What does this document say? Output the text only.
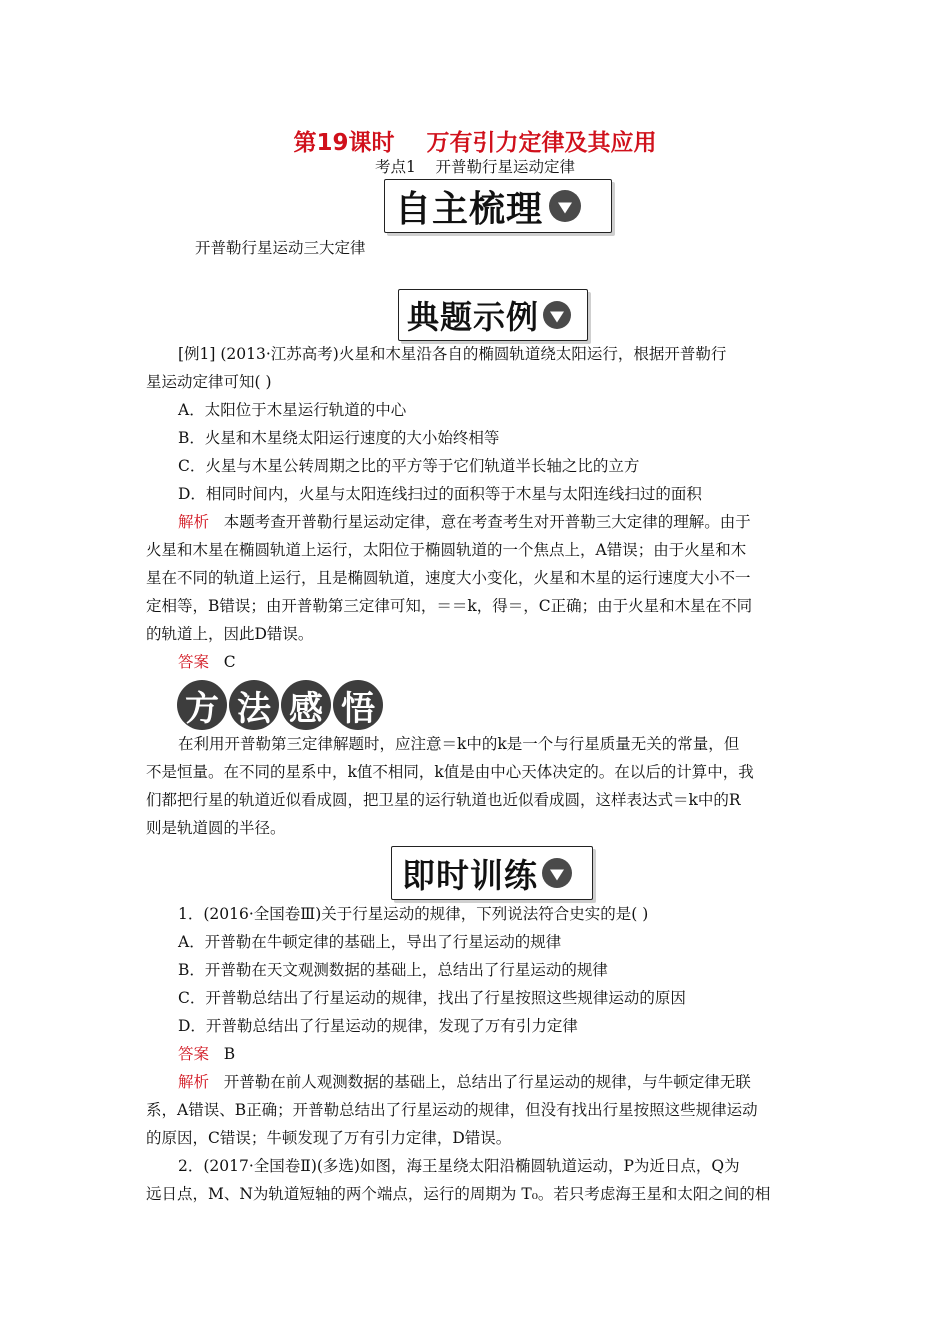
第19课时    万有引力定律及其应用
考点1    开普勒行星运动定律
自主梳理
开普勒行星运动三大定律
典题示例
[例1] (2013·江苏高考)火星和木星沿各自的椭圆轨道绕太阳运行，根据开普勒行
星运动定律可知( )
A．太阳位于木星运行轨道的中心
B．火星和木星绕太阳运行速度的大小始终相等
C．火星与木星公转周期之比的平方等于它们轨道半长轴之比的立方
D．相同时间内，火星与太阳连线扫过的面积等于木星与太阳连线扫过的面积
解析   本题考查开普勒行星运动定律，意在考查考生对开普勒三大定律的理解。由于
火星和木星在椭圆轨道上运行，太阳位于椭圆轨道的一个焦点上，A错误；由于火星和木
星在不同的轨道上运行，且是椭圆轨道，速度大小变化，火星和木星的运行速度大小不一
定相等，B错误；由开普勒第三定律可知，＝＝k，得＝，C正确；由于火星和木星在不同
的轨道上，因此D错误。
答案   C
方 法 感 悟
在利用开普勒第三定律解题时，应注意＝k中的k是一个与行星质量无关的常量，但
不是恒量。在不同的星系中，k值不相同，k值是由中心天体决定的。在以后的计算中，我
们都把行星的轨道近似看成圆，把卫星的运行轨道也近似看成圆，这样表达式＝k中的R
则是轨道圆的半径。
即时训练
1．(2016·全国卷Ⅲ)关于行星运动的规律，下列说法符合史实的是( )
A．开普勒在牛顿定律的基础上，导出了行星运动的规律
B．开普勒在天文观测数据的基础上，总结出了行星运动的规律
C．开普勒总结出了行星运动的规律，找出了行星按照这些规律运动的原因
D．开普勒总结出了行星运动的规律，发现了万有引力定律
答案   B
解析   开普勒在前人观测数据的基础上，总结出了行星运动的规律，与牛顿定律无联
系，A错误、B正确；开普勒总结出了行星运动的规律，但没有找出行星按照这些规律运动
的原因，C错误；牛顿发现了万有引力定律，D错误。
2．(2017·全国卷Ⅱ)(多选)如图，海王星绕太阳沿椭圆轨道运动，P为近日点，Q为
远日点，M、N为轨道短轴的两个端点，运行的周期为 T₀。若只考虑海王星和太阳之间的相
